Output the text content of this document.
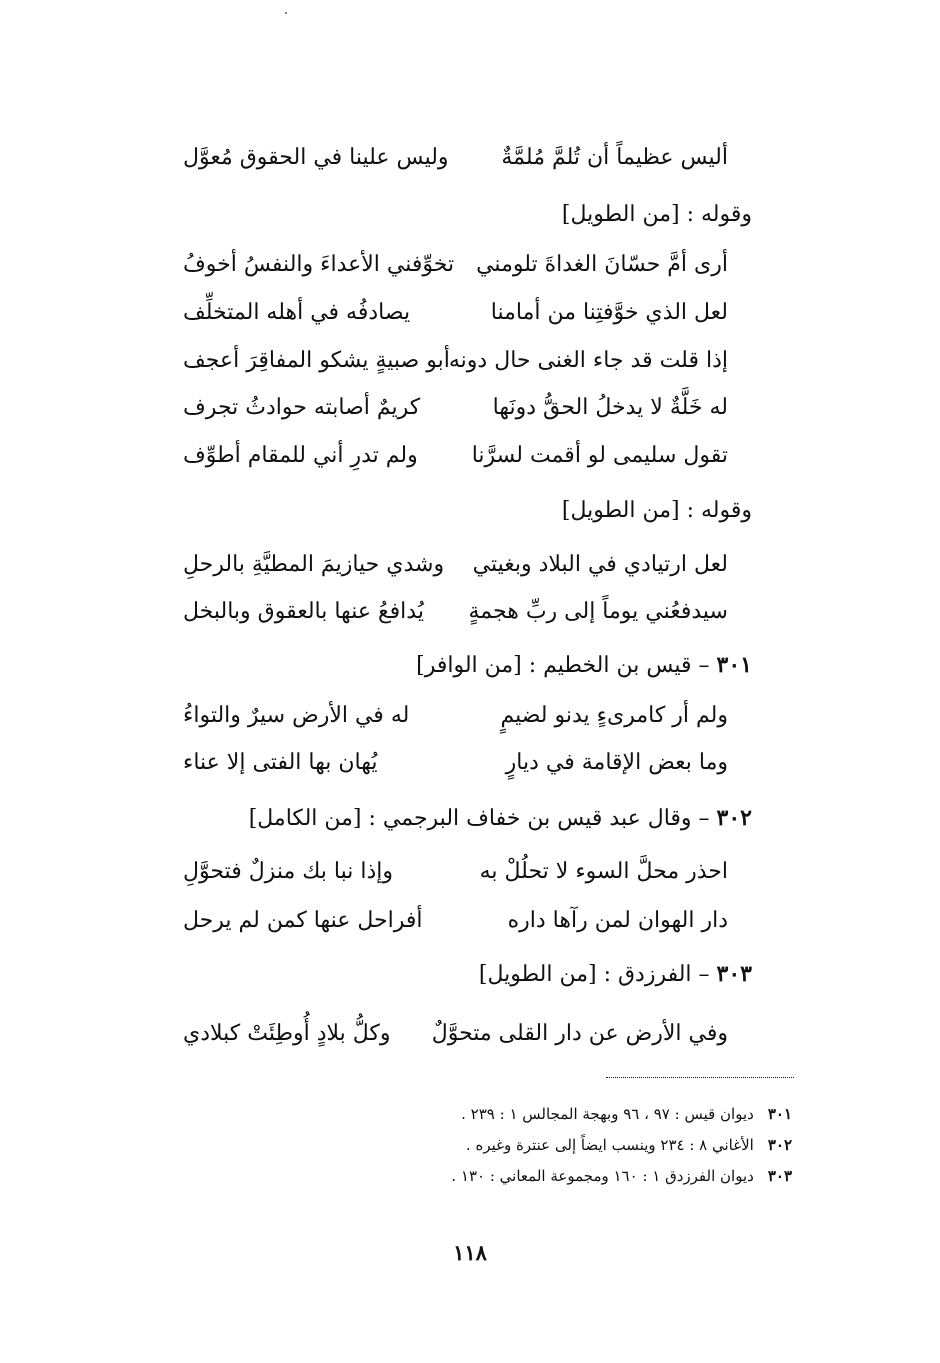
أليس عظيماً أن تُلمَّ مُلمَّةٌ
وليس علينا في الحقوق مُعوَّل
وقوله : [من الطويل]
أرى أمَّ حسّانَ الغداةَ تلومني
تخوِّفني الأعداءَ والنفسُ أخوفُ
لعل الذي خوَّفتِنا من أمامنا
يصادفُه في أهله المتخلِّف
إذا قلت قد جاء الغنى حال دونه
أبو صبيةٍ يشكو المفاقِرَ أعجف
له خَلَّةٌ لا يدخلُ الحقُّ دونَها
كريمٌ أصابته حوادثُ تجرف
تقول سليمى لو أقمت لسرَّنا
ولم تدرِ أني للمقام أطوِّف
وقوله : [من الطويل]
لعل ارتيادي في البلاد وبغيتي
وشدي حيازيمَ المطيَّةِ بالرحلِ
سيدفعُني يوماً إلى ربِّ هجمةٍ
يُدافعُ عنها بالعقوق وبالبخل
٣٠١ – قيس بن الخطيم : [من الوافر]
ولم أر كامرىءٍ يدنو لضيمٍ
له في الأرض سيرٌ والتواءُ
وما بعض الإقامة في ديارٍ
يُهان بها الفتى إلا عناء
٣٠٢ – وقال عبد قيس بن خفاف البرجمي : [من الكامل]
احذر محلَّ السوء لا تحلُلْ به
وإذا نبا بك منزلٌ فتحوَّلِ
دار الهوان لمن رآها داره
أفراحل عنها كمن لم يرحل
٣٠٣ – الفرزدق : [من الطويل]
وفي الأرض عن دار القلى متحوَّلٌ
وكلُّ بلادٍ أُوطِئَتْ كبلادي
٣٠١ديوان قيس : ٩٧ ، ٩٦ وبهجة المجالس ١ : ٢٣٩ .
٣٠٢الأغاني ٨ : ٢٣٤ وينسب ايضاً إلى عنترة وغيره .
٣٠٣ديوان الفرزدق ١ : ١٦٠ ومجموعة المعاني : ١٣٠ .
١١٨
